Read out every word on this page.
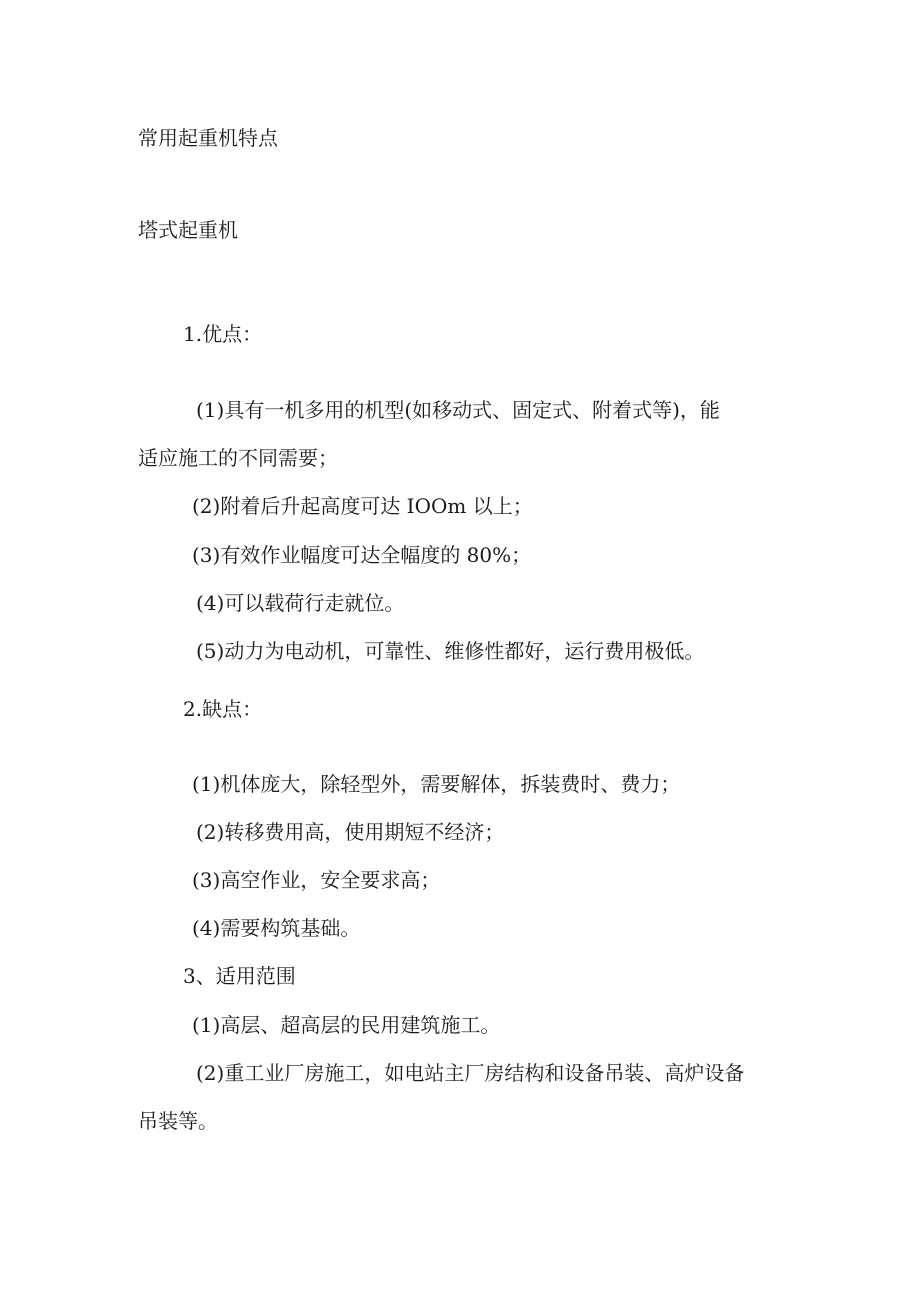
常用起重机特点
塔式起重机
1.优点：
(1)具有一机多用的机型(如移动式、固定式、附着式等)，能
适应施工的不同需要；
(2)附着后升起高度可达 IOOm 以上；
(3)有效作业幅度可达全幅度的 80%；
(4)可以载荷行走就位。
(5)动力为电动机，可靠性、维修性都好，运行费用极低。
2.缺点：
(1)机体庞大，除轻型外，需要解体，拆装费时、费力；
(2)转移费用高，使用期短不经济；
(3)高空作业，安全要求高；
(4)需要构筑基础。
3、适用范围
(1)高层、超高层的民用建筑施工。
(2)重工业厂房施工，如电站主厂房结构和设备吊装、高炉设备
吊装等。
